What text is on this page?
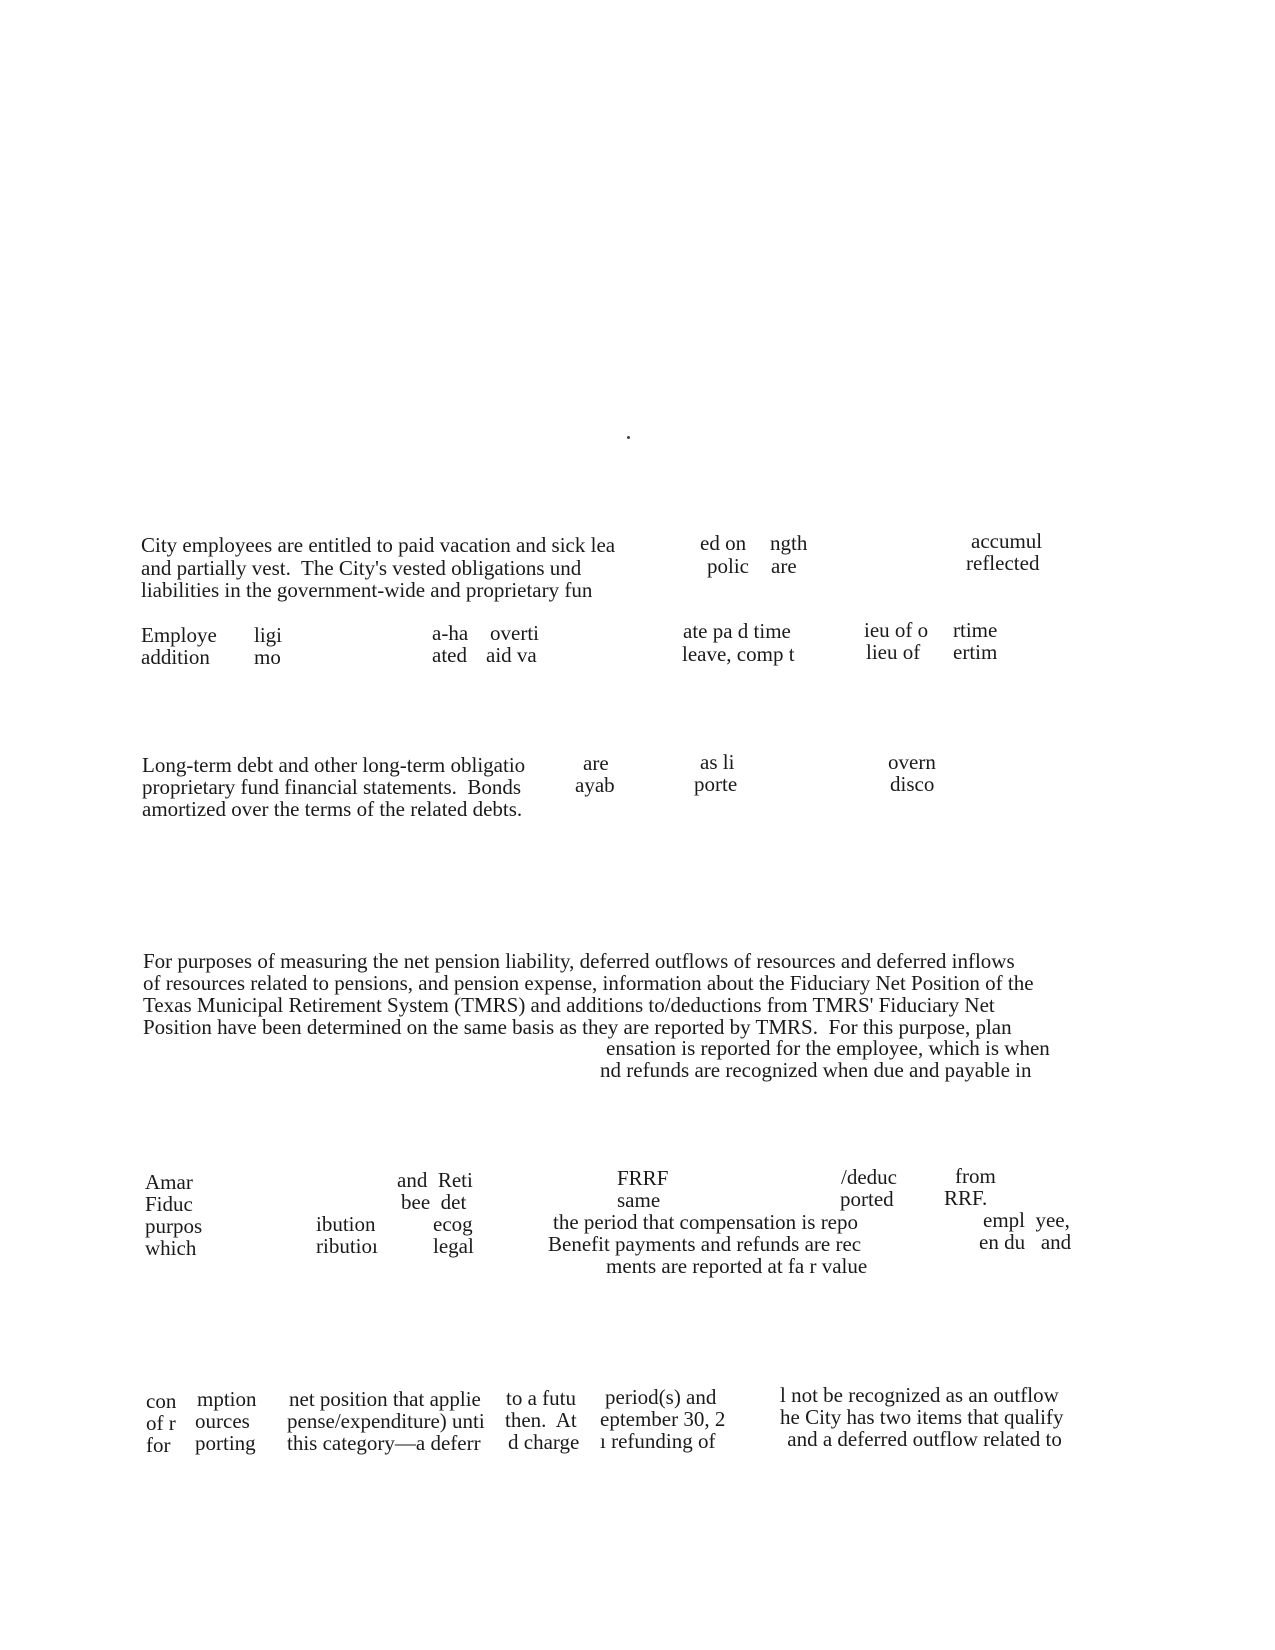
City employees are entitled to paid vacation and sick lea	ed on ngth	accumul
and partially vest.  The City's vested obligations und	polic are	reflected
liabilities in the government-wide and proprietary fun
Employe ligi	a-ha overti	ate pa d time	ieu of o rtime
addition mo	ated aid va	leave, comp t	lieu of ertim
Long-term debt and other long-term obligatio	are	as li	overn
proprietary fund financial statements.  Bonds	ayab	porte	disco
amortized over the terms of the related debts.
For purposes of measuring the net pension liability, deferred outflows of resources and deferred inflows
of resources related to pensions, and pension expense, information about the Fiduciary Net Position of the
Texas Municipal Retirement System (TMRS) and additions to/deductions from TMRS' Fiduciary Net
Position have been determined on the same basis as they are reported by TMRS.  For this purpose, plan
ensation is reported for the employee, which is when
nd refunds are recognized when due and payable in
Amar	and  Reti	FRRF	/deduc	from
Fiduc	bee  det	same	ported RRF.
purpos	ibution	ecog	the period that compensation is repo	empl  yee,
which	ributioı	legal	Benefit payments and refunds are rec	en du   and
ments are reported at fa r value
con mption net position that applie to a futu period(s) and	l not be recognized as an outflow
of r ources pense/expenditure) unti then.  At eptember 30, 2	he City has two items that qualify
for porting this category—a deferr d charge ı refunding of	and a deferred outflow related to
